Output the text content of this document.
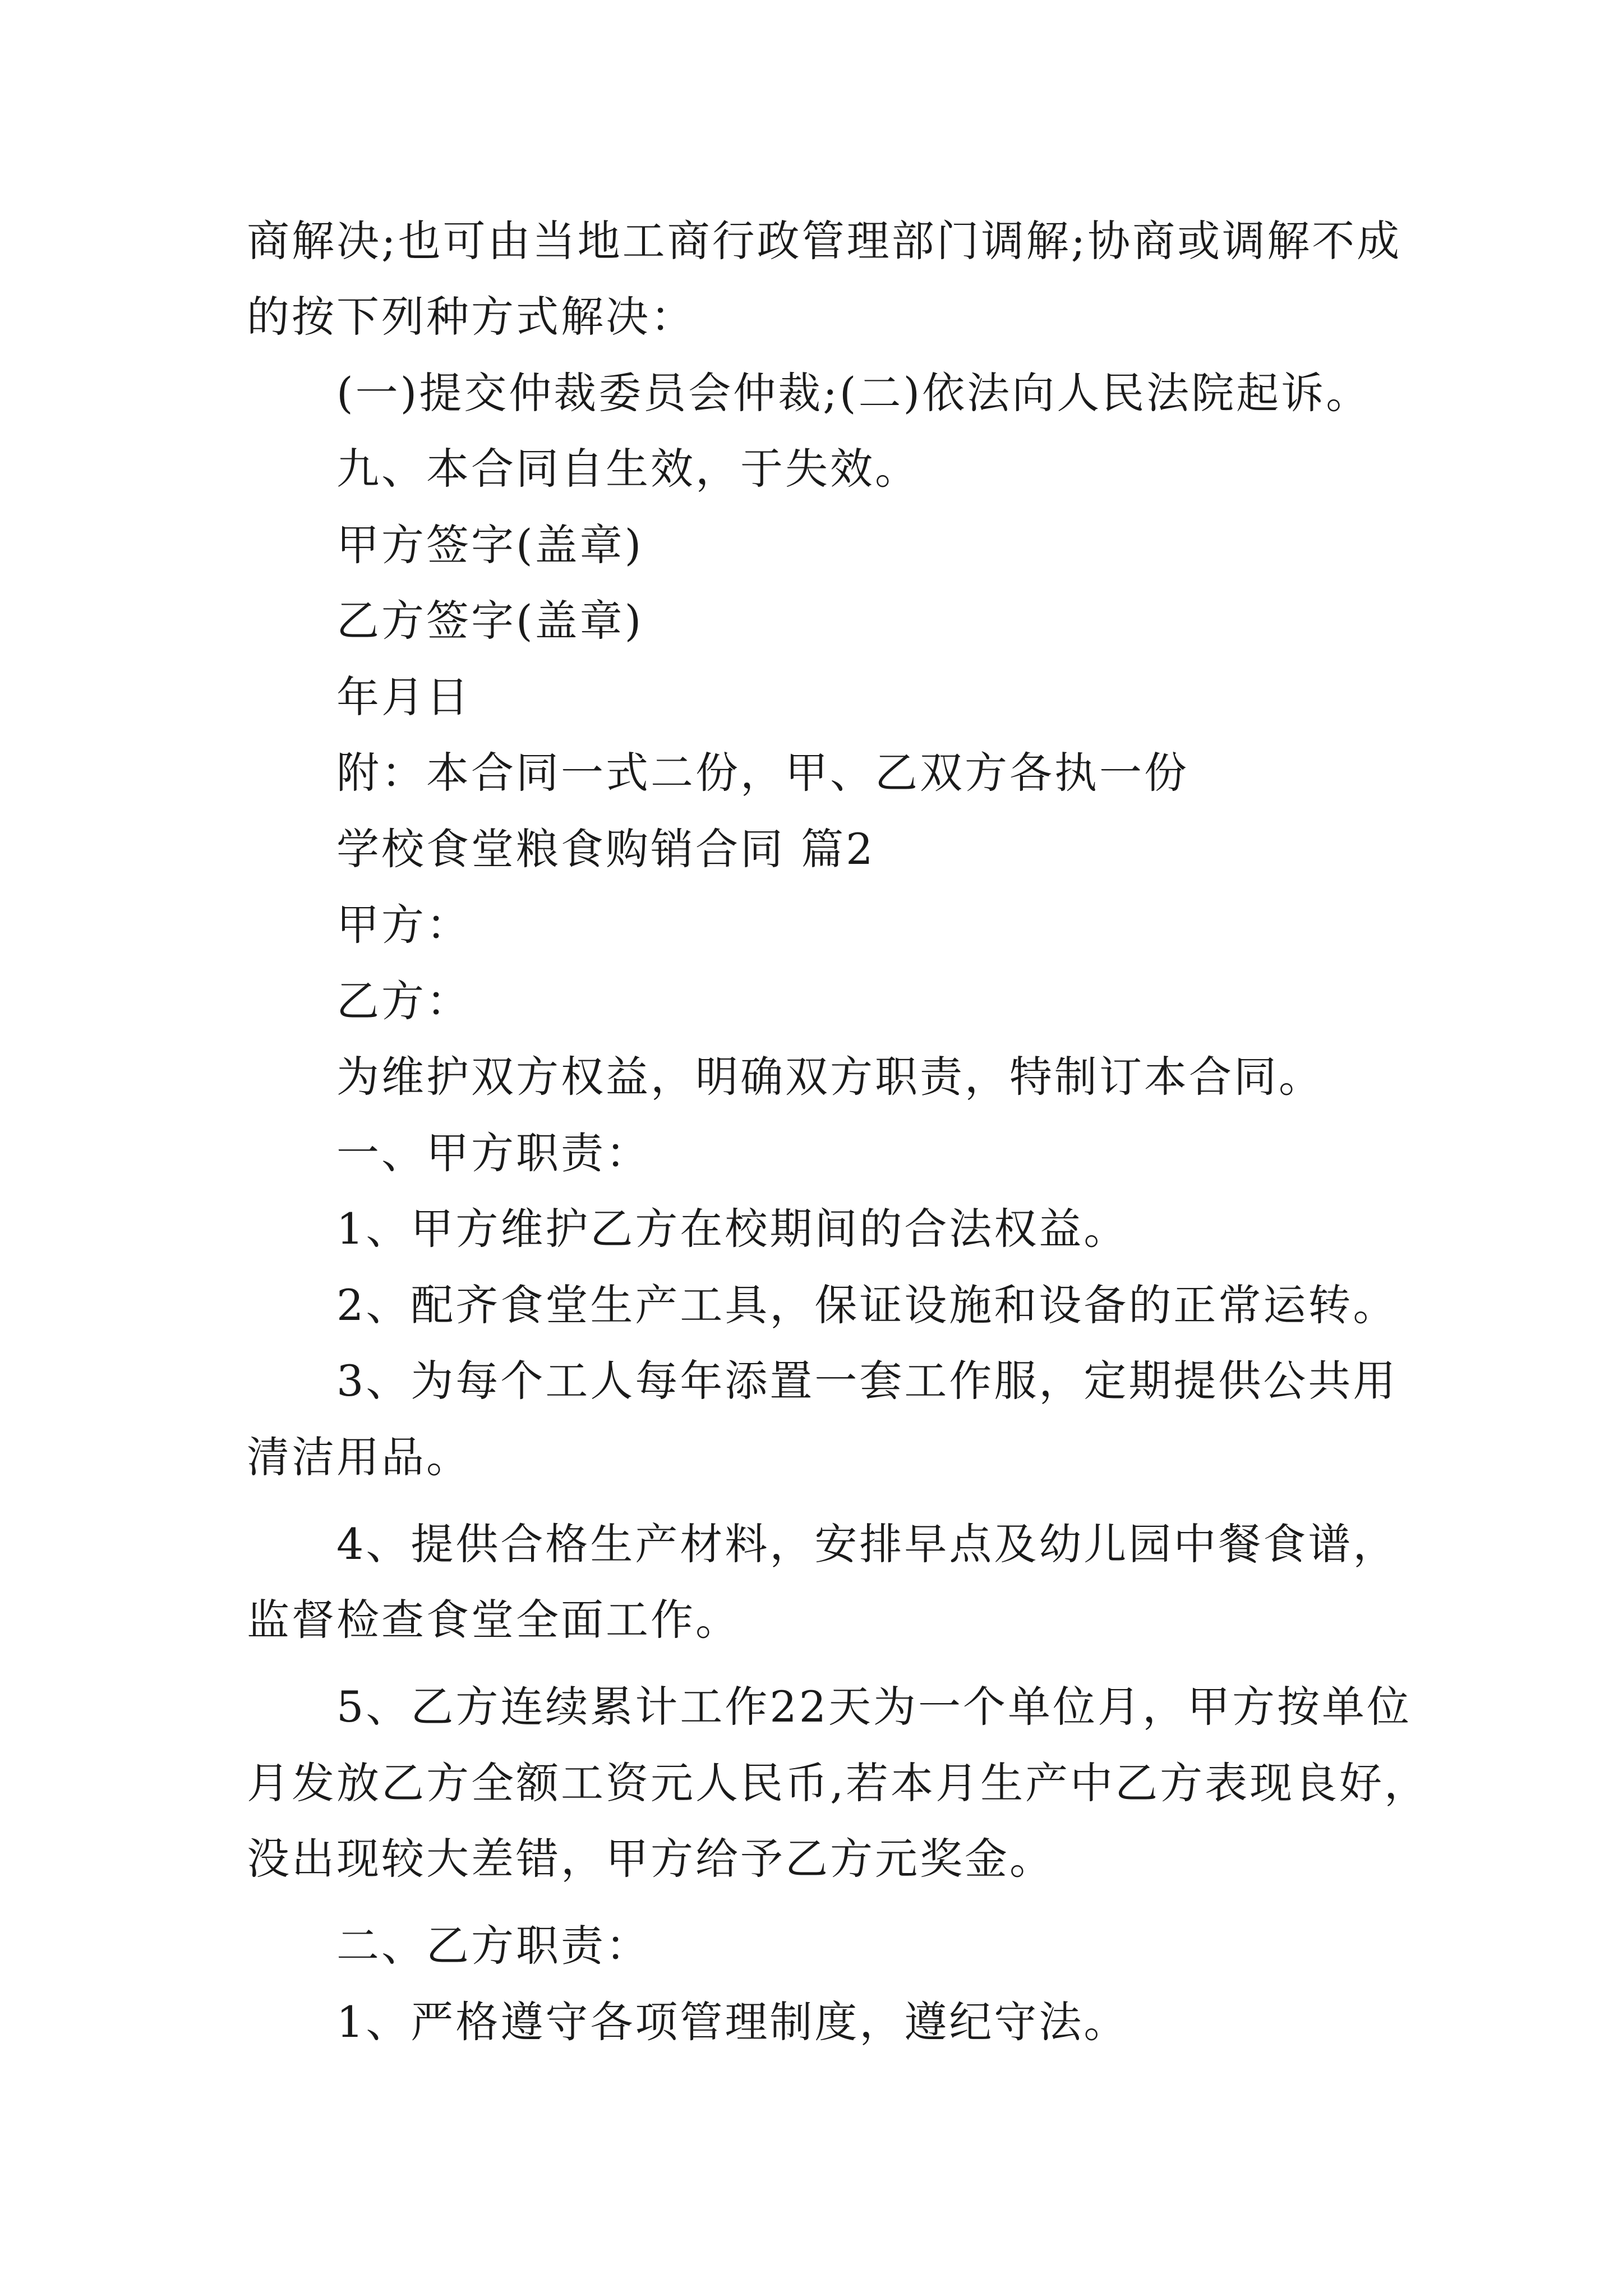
商解决;也可由当地工商行政管理部门调解;协商或调解不成
的按下列种方式解决：
(一)提交仲裁委员会仲裁;(二)依法向人民法院起诉。
九、本合同自生效，于失效。
甲方签字(盖章)
乙方签字(盖章)
年月日
附：本合同一式二份，甲、乙双方各执一份
学校食堂粮食购销合同 篇2
甲方：
乙方：
为维护双方权益，明确双方职责，特制订本合同。
一、甲方职责：
1、甲方维护乙方在校期间的合法权益。
2、配齐食堂生产工具，保证设施和设备的正常运转。
3、为每个工人每年添置一套工作服，定期提供公共用
清洁用品。
4、提供合格生产材料，安排早点及幼儿园中餐食谱，
监督检查食堂全面工作。
5、乙方连续累计工作22天为一个单位月，甲方按单位
月发放乙方全额工资元人民币,若本月生产中乙方表现良好，
没出现较大差错，甲方给予乙方元奖金。
二、乙方职责：
1、严格遵守各项管理制度，遵纪守法。
